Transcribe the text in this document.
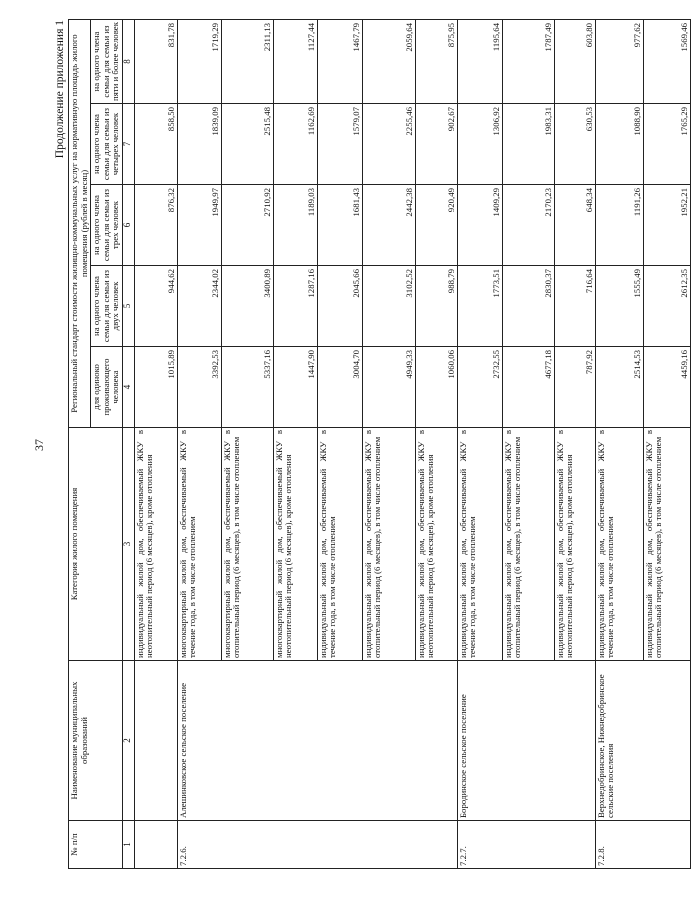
37
Продолжение приложения 1
№ п/п	Наименование муниципальных образований	Категория жилого помещения	Региональный стандарт стоимости жилищно-коммунальных услуг на нормативную площадь жилого помещения (рублей в месяц)				
			для одиноко проживающего человека	на одного члена семьи для семьи из двух человек	на одного члена семьи для семьи из трех человек	на одного члена семьи для семьи из четырех человек	на одного члена семьи для семьи из пяти и более человек
1	2	3	4	5	6	7	8
		индивидуальный жилой дом, обеспечиваемый ЖКУ в неотопительный период (6 месяцев), кроме отопления	1015,89	944,62	876,32	858,50	831,78
7.2.6.	Алешинковское сельское поселение	многоквартирный жилой дом, обеспечиваемый ЖКУ в течение года, в том числе отоплением	3392,53	2344,02	1949,97	1839,09	1719,29
		многоквартирный жилой дом, обеспечиваемый ЖКУ в отопительный период (6 месяцев), в том числе отоплением	5337,16	3400,89	2710,92	2515,48	2311,13
		многоквартирный жилой дом, обеспечиваемый ЖКУ в неотопительный период (6 месяцев), кроме отопления	1447,90	1287,16	1189,03	1162,69	1127,44
		индивидуальный жилой дом, обеспечиваемый ЖКУ в течение года, в том числе отоплением	3004,70	2045,66	1681,43	1579,07	1467,79
		индивидуальный жилой дом, обеспечиваемый ЖКУ в отопительный период (6 месяцев), в том числе отоплением	4949,33	3102,52	2442,38	2255,46	2059,64
		индивидуальный жилой дом, обеспечиваемый ЖКУ в неотопительный период (6 месяцев), кроме отопления	1060,06	988,79	920,49	902,67	875,95
7.2.7.	Бородинское сельское поселение	индивидуальный жилой дом, обеспечиваемый ЖКУ в течение года, в том числе отоплением	2732,55	1773,51	1409,29	1306,92	1195,64
		индивидуальный жилой дом, обеспечиваемый ЖКУ в отопительный период (6 месяцев), в том числе отоплением	4677,18	2830,37	2170,23	1983,31	1787,49
		индивидуальный жилой дом, обеспечиваемый ЖКУ в неотопительный период (6 месяцев), кроме отопления	787,92	716,64	648,34	630,53	603,80
7.2.8.	Верхнедобринское, Нижнедобринское сельские поселения	индивидуальный жилой дом, обеспечиваемый ЖКУ в течение года, в том числе отоплением	2514,53	1555,49	1191,26	1088,90	977,62
		индивидуальный жилой дом, обеспечиваемый ЖКУ в отопительный период (6 месяцев), в том числе отоплением	4459,16	2612,35	1952,21	1765,29	1569,46
